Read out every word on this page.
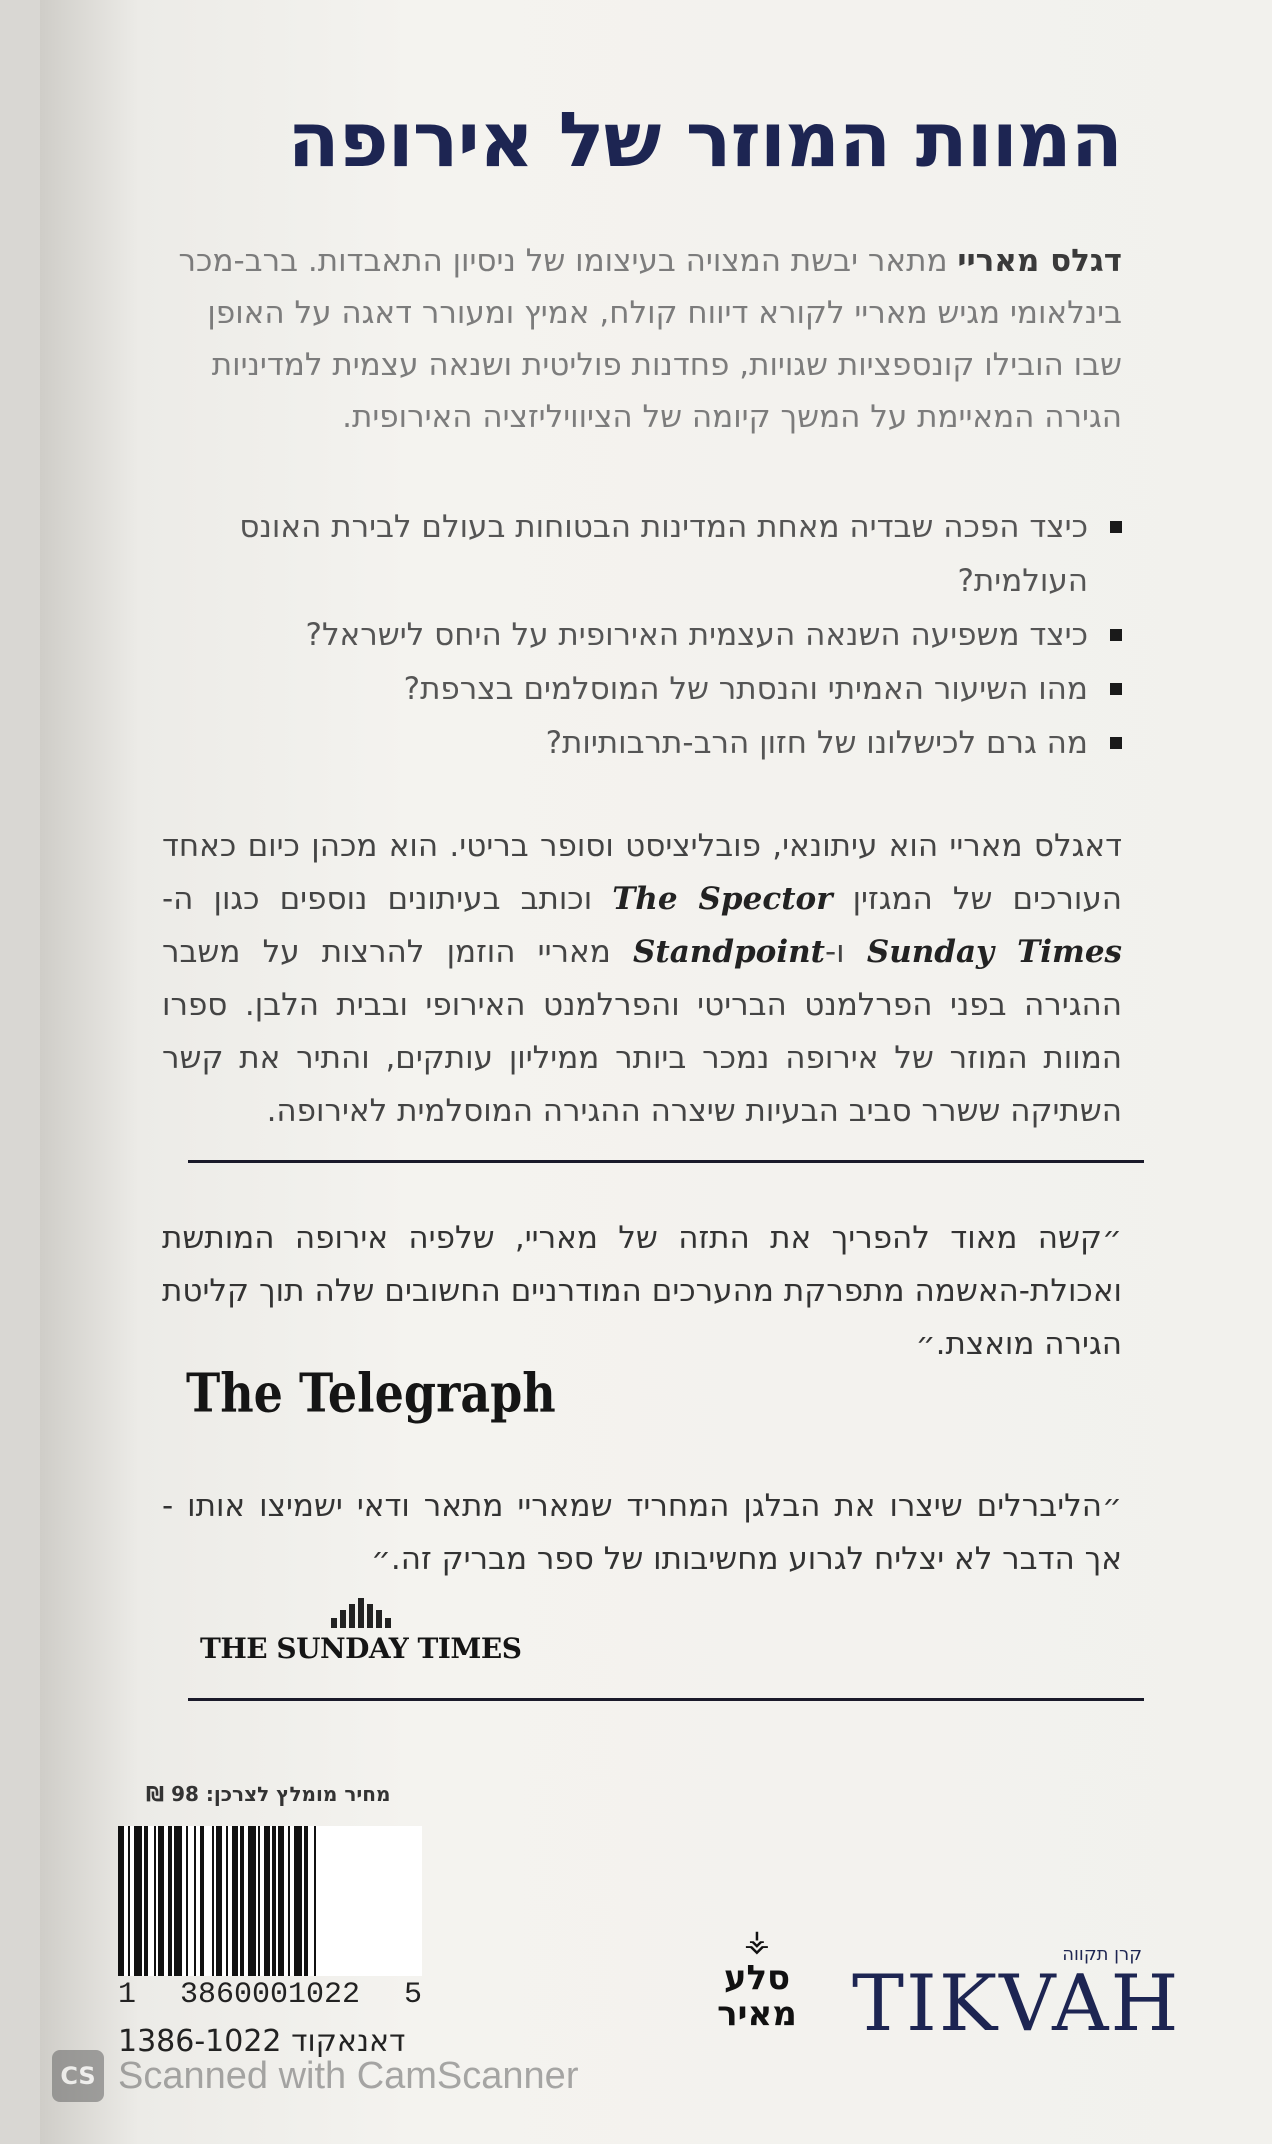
המוות המוזר של אירופה
דגלס מאריי מתאר יבשת המצויה בעיצומו של ניסיון התאבדות. ברב-מכר בינלאומי מגיש מאריי לקורא דיווח קולח, אמיץ ומעורר דאגה על האופן שבו הובילו קונספציות שגויות, פחדנות פוליטית ושנאה עצמית למדיניות הגירה המאיימת על המשך קיומה של הציוויליזציה האירופית.
כיצד הפכה שבדיה מאחת המדינות הבטוחות בעולם לבירת האונס העולמית?
כיצד משפיעה השנאה העצמית האירופית על היחס לישראל?
מהו השיעור האמיתי והנסתר של המוסלמים בצרפת?
מה גרם לכישלונו של חזון הרב-תרבותיות?
דאגלס מאריי הוא עיתונאי, פובליציסט וסופר בריטי. הוא מכהן כיום כאחד העורכים של המגזין The Spector וכותב בעיתונים נוספים כגון ה-Sunday Times ו-Standpoint מאריי הוזמן להרצות על משבר ההגירה בפני הפרלמנט הבריטי והפרלמנט האירופי ובבית הלבן. ספרו המוות המוזר של אירופה נמכר ביותר ממיליון עותקים, והתיר את קשר השתיקה ששרר סביב הבעיות שיצרה ההגירה המוסלמית לאירופה.
״קשה מאוד להפריך את התזה של מאריי, שלפיה אירופה המותשת ואכולת-האשמה מתפרקת מהערכים המודרניים החשובים שלה תוך קליטת הגירה מואצת.״
The Telegraph
״הליברלים שיצרו את הבלגן המחריד שמאריי מתאר ודאי ישמיצו אותו - אך הדבר לא יצליח לגרוע מחשיבותו של ספר מבריק זה.״
THE SUNDAY TIMES
מחיר מומלץ לצרכן: 98 ₪
1 3860001022 5
דאנאקוד 1386-1022
⚶
סלע
מאיר
קרן תקווה
TIKVAH
CS Scanned with CamScanner
